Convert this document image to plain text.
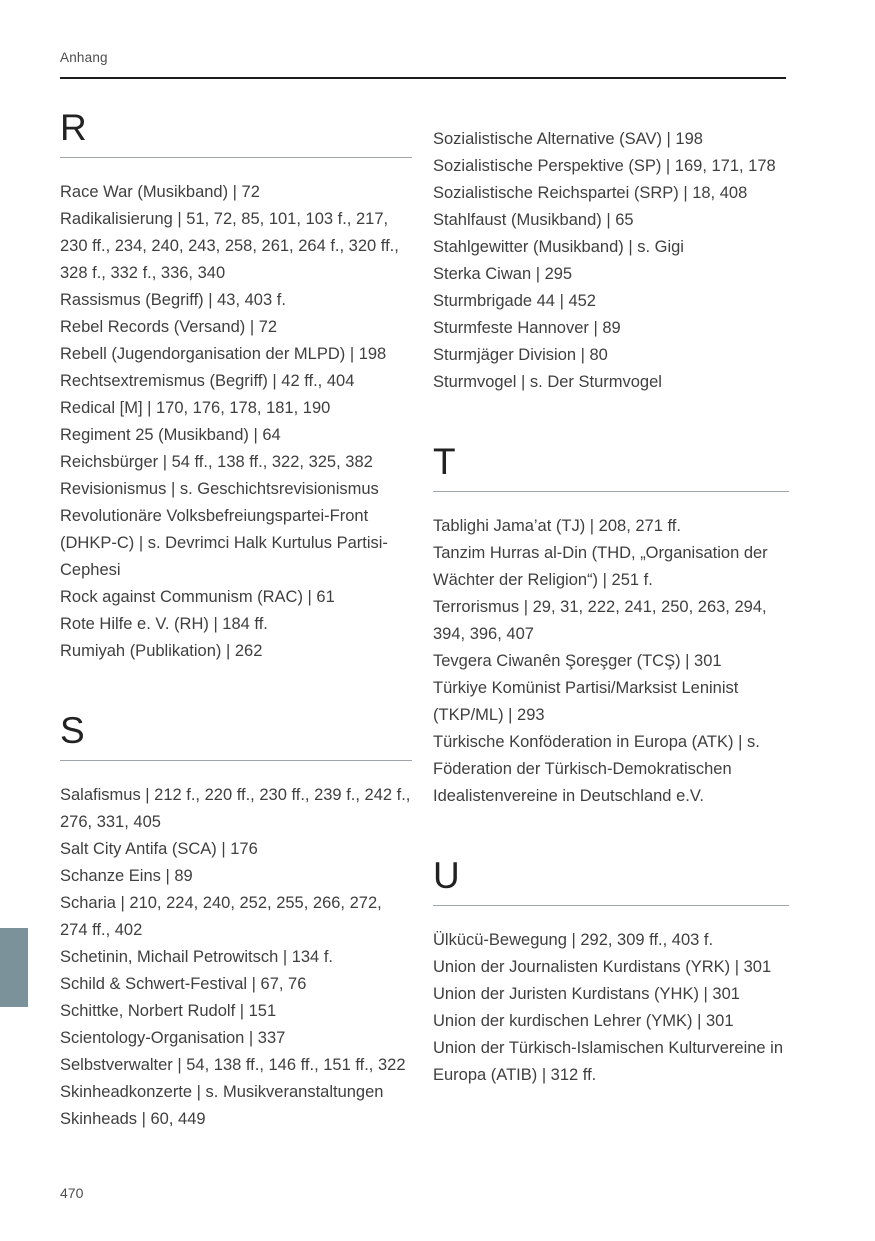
Anhang
R

Race War (Musikband) | 72

Radikalisierung | 51, 72, 85, 101, 103 f., 217, 230 ff., 234, 240, 243, 258, 261, 264 f., 320 ff., 328 f., 332 f., 336, 340

Rassismus (Begriff) | 43, 403 f.

Rebel Records (Versand) | 72

Rebell (Jugendorganisation der MLPD) | 198

Rechtsextremismus (Begriff) | 42 ff., 404

Redical [M] | 170, 176, 178, 181, 190

Regiment 25 (Musikband) | 64

Reichsbürger | 54 ff., 138 ff., 322, 325, 382

Revisionismus | s. Geschichtsrevisionismus

Revolutionäre Volksbefreiungspartei-Front (DHKP-C) | s. Devrimci Halk Kurtulus Partisi-Cephesi

Rock against Communism (RAC) | 61

Rote Hilfe e. V. (RH) | 184 ff.

Rumiyah (Publikation) | 262

S

Salafismus | 212 f., 220 ff., 230 ff., 239 f., 242 f., 276, 331, 405

Salt City Antifa (SCA) | 176

Schanze Eins | 89

Scharia | 210, 224, 240, 252, 255, 266, 272, 274 ff., 402

Schetinin, Michail Petrowitsch | 134 f.

Schild & Schwert-Festival | 67, 76

Schittke, Norbert Rudolf | 151

Scientology-Organisation | 337

Selbstverwalter | 54, 138 ff., 146 ff., 151 ff., 322

Skinheadkonzerte | s. Musikveranstaltungen

Skinheads | 60, 449

Sozialistische Alternative (SAV) | 198

Sozialistische Perspektive (SP) | 169, 171, 178

Sozialistische Reichspartei (SRP) | 18, 408

Stahlfaust (Musikband) | 65

Stahlgewitter (Musikband) | s. Gigi

Sterka Ciwan | 295

Sturmbrigade 44 | 452

Sturmfeste Hannover | 89

Sturmjäger Division | 80

Sturmvogel | s. Der Sturmvogel

T

Tablighi Jama’at (TJ) | 208, 271 ff.

Tanzim Hurras al-Din (THD, „Organisation der Wächter der Religion“) | 251 f.

Terrorismus | 29, 31, 222, 241, 250, 263, 294, 394, 396, 407

Tevgera Ciwanên Şoreşger (TCŞ) | 301

Türkiye Komünist Partisi/Marksist Leninist (TKP/ML) | 293

Türkische Konföderation in Europa (ATK) | s. Föderation der Türkisch-Demokratischen Idealistenvereine in Deutschland e.V.

U

Ülkücü-Bewegung | 292, 309 ff., 403 f.

Union der Journalisten Kurdistans (YRK) | 301

Union der Juristen Kurdistans (YHK) | 301

Union der kurdischen Lehrer (YMK) | 301

Union der Türkisch-Islamischen Kulturvereine in Europa (ATIB) | 312 ff.

470
